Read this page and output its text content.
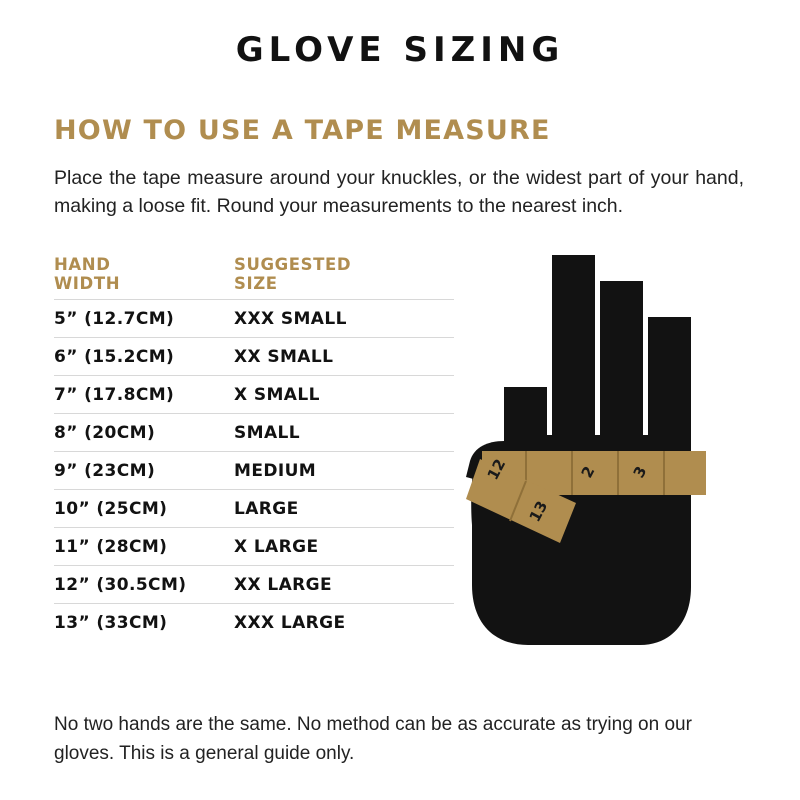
GLOVE SIZING
HOW TO USE A TAPE MEASURE

Place the tape measure around your knuckles, or the widest part of your hand, making a loose fit. Round your measurements to the nearest inch.

HAND
WIDTH

SUGGESTED
SIZE

5” (12.7CM)	XXX SMALL
6” (15.2CM)	XX SMALL
7” (17.8CM)	X SMALL
8” (20CM)	SMALL
9” (23CM)	MEDIUM
10” (25CM)	LARGE
11” (28CM)	X LARGE
12” (30.5CM)	XX LARGE
13” (33CM)	XXX LARGE
12	2 3
13
No two hands are the same. No method can be as accurate as trying on our gloves. This is a general guide only.
